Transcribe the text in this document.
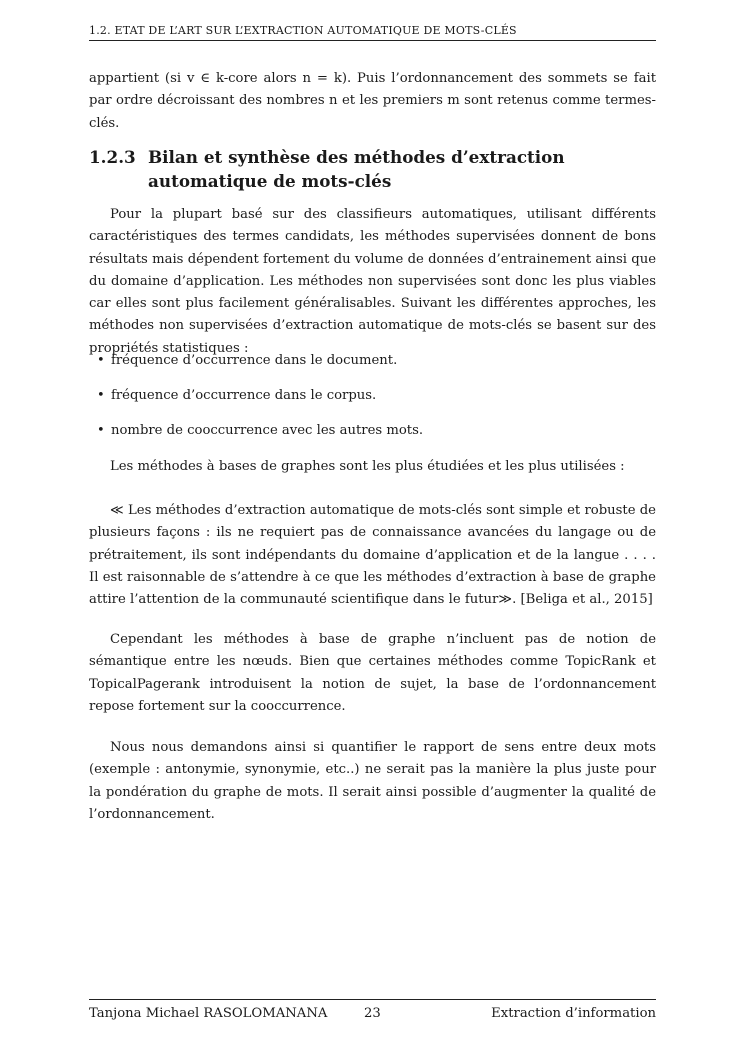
1.2. ETAT DE L’ART SUR L’EXTRACTION AUTOMATIQUE DE MOTS-CLÉS
appartient (si v ∈ k-core alors n = k). Puis l’ordonnancement des sommets se fait par ordre décroissant des nombres n et les premiers m sont retenus comme termes-clés.
1.2.3 Bilan et synthèse des méthodes d’extraction automatique de mots-clés
Pour la plupart basé sur des classifieurs automatiques, utilisant différents caractéristiques des termes candidats, les méthodes supervisées donnent de bons résultats mais dépendent fortement du volume de données d’entrainement ainsi que du domaine d’application. Les méthodes non supervisées sont donc les plus viables car elles sont plus facilement généralisables. Suivant les différentes approches, les méthodes non supervisées d’extraction automatique de mots-clés se basent sur des propriétés statistiques :
• fréquence d’occurrence dans le document.
• fréquence d’occurrence dans le corpus.
• nombre de cooccurrence avec les autres mots.
Les méthodes à bases de graphes sont les plus étudiées et les plus utilisées :
≪ Les méthodes d’extraction automatique de mots-clés sont simple et robuste de plusieurs façons : ils ne requiert pas de connaissance avancées du langage ou de prétraitement, ils sont indépendants du domaine d’application et de la langue . . . . Il est raisonnable de s’attendre à ce que les méthodes d’extraction à base de graphe attire l’attention de la communauté scientifique dans le futur≫. [Beliga et al., 2015]
Cependant les méthodes à base de graphe n’incluent pas de notion de sémantique entre les nœuds. Bien que certaines méthodes comme TopicRank et TopicalPagerank introduisent la notion de sujet, la base de l’ordonnancement repose fortement sur la cooccurrence.
Nous nous demandons ainsi si quantifier le rapport de sens entre deux mots (exemple : antonymie, synonymie, etc..) ne serait pas la manière la plus juste pour la pondération du graphe de mots. Il serait ainsi possible d’augmenter la qualité de l’ordonnancement.
Tanjona Michael RASOLOMANANA	23	Extraction d’information
